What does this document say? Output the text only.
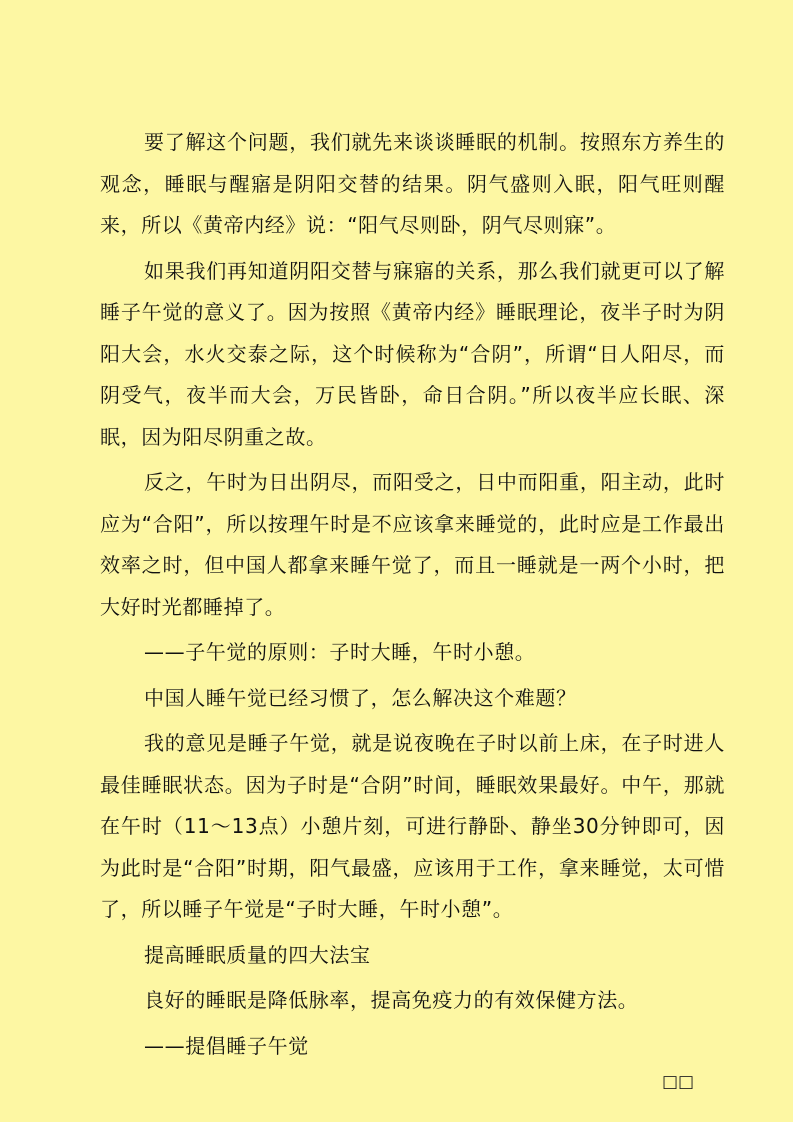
要了解这个问题，我们就先来谈谈睡眠的机制。按照东方养生的观念，睡眠与醒寤是阴阳交替的结果。阴气盛则入眠，阳气旺则醒来，所以《黄帝内经》说：“阳气尽则卧，阴气尽则寐”。

如果我们再知道阴阳交替与寐寤的关系，那么我们就更可以了解睡子午觉的意义了。因为按照《黄帝内经》睡眠理论，夜半子时为阴阳大会，水火交泰之际，这个时候称为“合阴”，所谓“日人阳尽，而阴受气，夜半而大会，万民皆卧，命日合阴。”所以夜半应长眠、深眠，因为阳尽阴重之故。

反之，午时为日出阴尽，而阳受之，日中而阳重，阳主动，此时应为“合阳”，所以按理午时是不应该拿来睡觉的，此时应是工作最出效率之时，但中国人都拿来睡午觉了，而且一睡就是一两个小时，把大好时光都睡掉了。

——子午觉的原则：子时大睡，午时小憩。

中国人睡午觉已经习惯了，怎么解决这个难题？

我的意见是睡子午觉，就是说夜晚在子时以前上床，在子时进人最佳睡眠状态。因为子时是“合阴”时间，睡眠效果最好。中午，那就在午时（11～13点）小憩片刻，可进行静卧、静坐30分钟即可，因为此时是“合阳”时期，阳气最盛，应该用于工作，拿来睡觉，太可惜了，所以睡子午觉是“子时大睡，午时小憩”。

提高睡眠质量的四大法宝

良好的睡眠是降低脉率，提高免疫力的有效保健方法。

——提倡睡子午觉

□□
